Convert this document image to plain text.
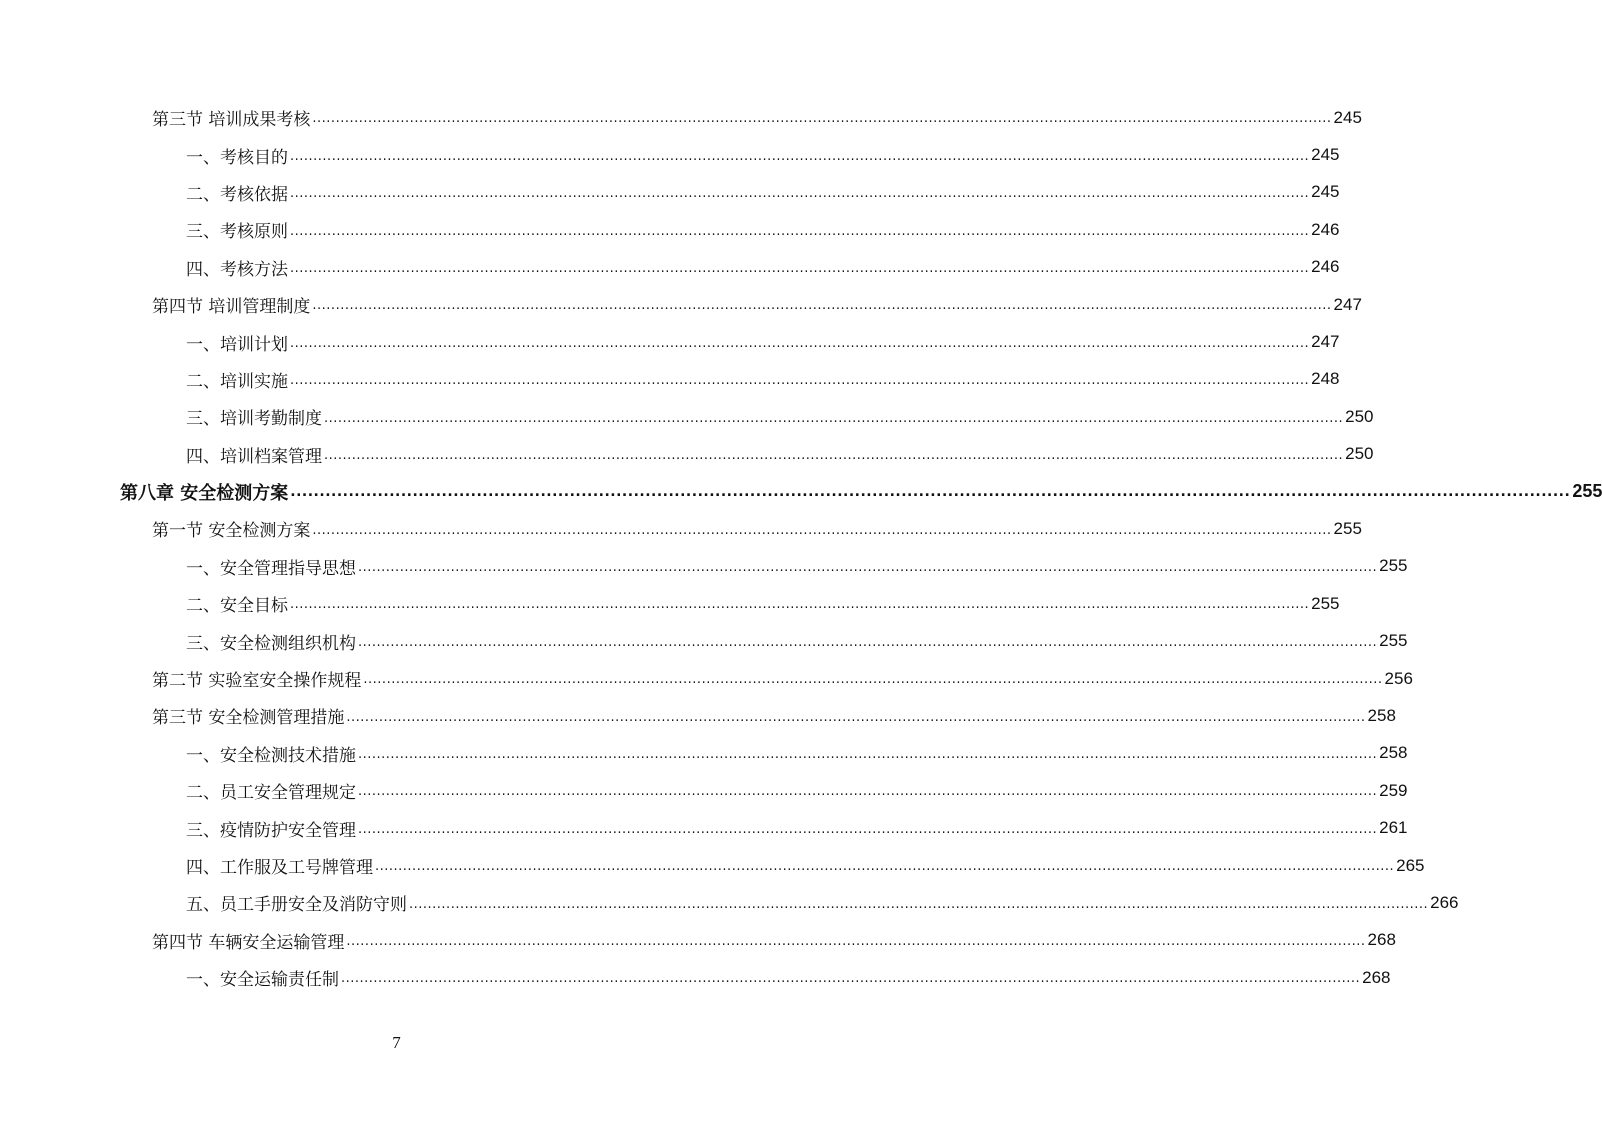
第三节 培训成果考核 ............................................................................................................................................................................................................................ 245
一、考核目的 ............................................................................................................................................................................................................................ 245
二、考核依据 ............................................................................................................................................................................................................................ 245
三、考核原则 ............................................................................................................................................................................................................................ 246
四、考核方法 ............................................................................................................................................................................................................................ 246
第四节 培训管理制度 ............................................................................................................................................................................................................................ 247
一、培训计划 ............................................................................................................................................................................................................................ 247
二、培训实施 ............................................................................................................................................................................................................................ 248
三、培训考勤制度 ............................................................................................................................................................................................................................ 250
四、培训档案管理 ............................................................................................................................................................................................................................ 250
第八章 安全检测方案 ............................................................................................................................................................................................................................ 255
第一节 安全检测方案 ............................................................................................................................................................................................................................ 255
一、安全管理指导思想 ............................................................................................................................................................................................................................ 255
二、安全目标 ............................................................................................................................................................................................................................ 255
三、安全检测组织机构 ............................................................................................................................................................................................................................ 255
第二节 实验室安全操作规程 ............................................................................................................................................................................................................................ 256
第三节 安全检测管理措施 ............................................................................................................................................................................................................................ 258
一、安全检测技术措施 ............................................................................................................................................................................................................................ 258
二、员工安全管理规定 ............................................................................................................................................................................................................................ 259
三、疫情防护安全管理 ............................................................................................................................................................................................................................ 261
四、工作服及工号牌管理 ............................................................................................................................................................................................................................ 265
五、员工手册安全及消防守则 ............................................................................................................................................................................................................................ 266
第四节 车辆安全运输管理 ............................................................................................................................................................................................................................ 268
一、安全运输责任制 ............................................................................................................................................................................................................................ 268
7
